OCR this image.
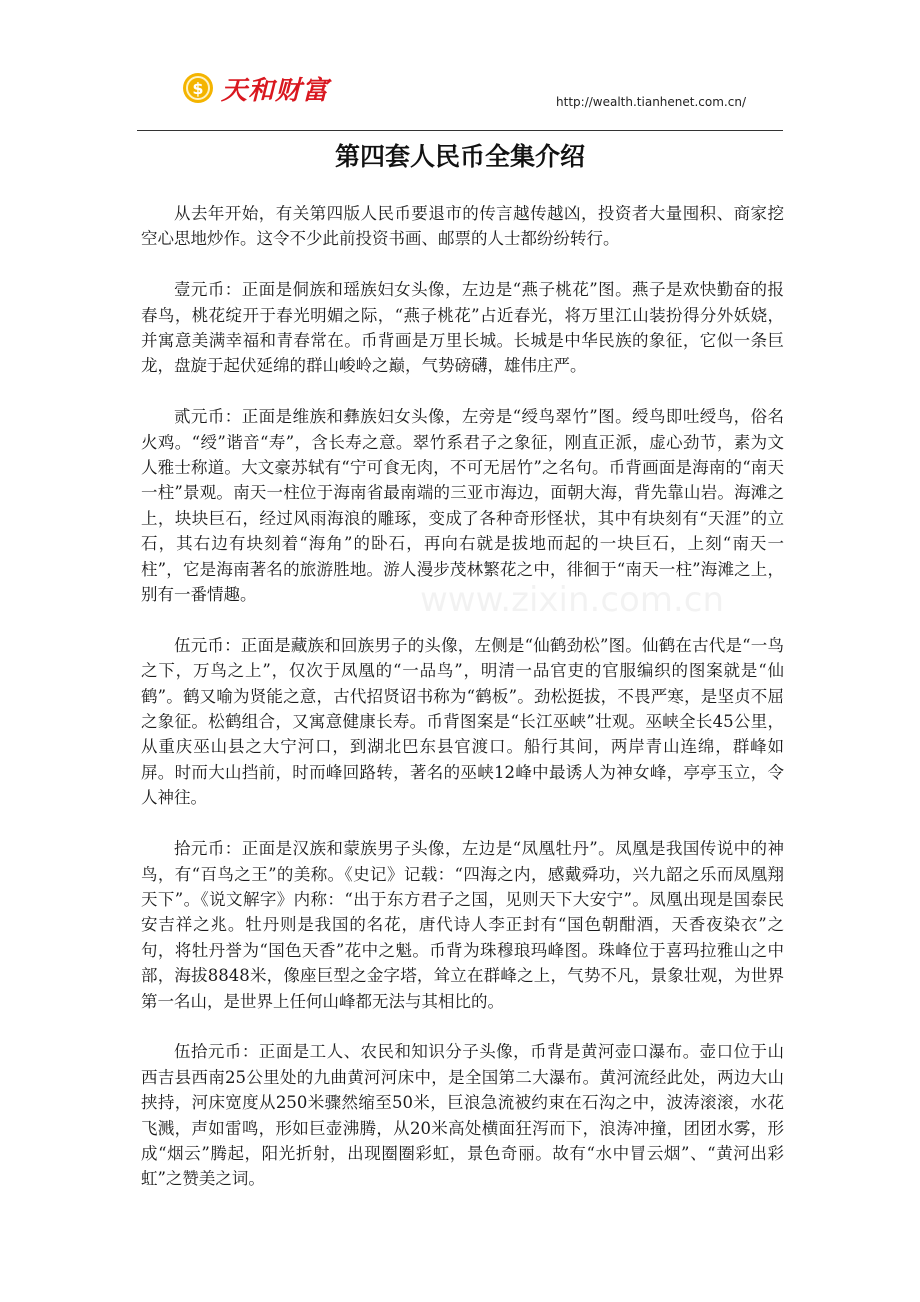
$ 天和财富	http://wealth.tianhenet.com.cn/
第四套人民币全集介绍
www.zixin.com.cn

从去年开始，有关第四版人民币要退市的传言越传越凶，投资者大量囤积、商家挖空心思地炒作。这令不少此前投资书画、邮票的人士都纷纷转行。

壹元币：正面是侗族和瑶族妇女头像，左边是“燕子桃花”图。燕子是欢快勤奋的报春鸟，桃花绽开于春光明媚之际，“燕子桃花”占近春光，将万里江山装扮得分外妖娆，并寓意美满幸福和青春常在。币背画是万里长城。长城是中华民族的象征，它似一条巨龙，盘旋于起伏延绵的群山峻岭之巅，气势磅礴，雄伟庄严。

贰元币：正面是维族和彝族妇女头像，左旁是“绶鸟翠竹”图。绶鸟即吐绶鸟，俗名火鸡。“绶”谐音“寿”，含长寿之意。翠竹系君子之象征，刚直正派，虚心劲节，素为文人雅士称道。大文豪苏轼有“宁可食无肉，不可无居竹”之名句。币背画面是海南的“南天一柱”景观。南天一柱位于海南省最南端的三亚市海边，面朝大海，背先靠山岩。海滩之上，块块巨石，经过风雨海浪的雕琢，变成了各种奇形怪状，其中有块刻有“天涯”的立石，其右边有块刻着“海角”的卧石，再向右就是拔地而起的一块巨石，上刻“南天一柱”，它是海南著名的旅游胜地。游人漫步茂林繁花之中，徘徊于“南天一柱”海滩之上，别有一番情趣。

伍元币：正面是藏族和回族男子的头像，左侧是“仙鹤劲松”图。仙鹤在古代是“一鸟之下，万鸟之上”，仅次于凤凰的“一品鸟”，明清一品官吏的官服编织的图案就是“仙鹤”。鹤又喻为贤能之意，古代招贤诏书称为“鹤板”。劲松挺拔，不畏严寒，是坚贞不屈之象征。松鹤组合，又寓意健康长寿。币背图案是“长江巫峡”壮观。巫峡全长45公里，从重庆巫山县之大宁河口，到湖北巴东县官渡口。船行其间，两岸青山连绵，群峰如屏。时而大山挡前，时而峰回路转，著名的巫峡12峰中最诱人为神女峰，亭亭玉立，令人神往。

拾元币：正面是汉族和蒙族男子头像，左边是“凤凰牡丹”。凤凰是我国传说中的神鸟，有“百鸟之王”的美称。《史记》记载：“四海之内，感戴舜功，兴九韶之乐而凤凰翔天下”。《说文解字》内称：“出于东方君子之国，见则天下大安宁”。凤凰出现是国泰民安吉祥之兆。牡丹则是我国的名花，唐代诗人李正封有“国色朝酣酒，天香夜染衣”之句，将牡丹誉为“国色天香”花中之魁。币背为珠穆琅玛峰图。珠峰位于喜玛拉雅山之中部，海拔8848米，像座巨型之金字塔，耸立在群峰之上，气势不凡，景象壮观，为世界第一名山，是世界上任何山峰都无法与其相比的。

伍拾元币：正面是工人、农民和知识分子头像，币背是黄河壶口瀑布。壶口位于山西吉县西南25公里处的九曲黄河河床中，是全国第二大瀑布。黄河流经此处，两边大山挟持，河床宽度从250米骤然缩至50米，巨浪急流被约束在石沟之中，波涛滚滚，水花飞溅，声如雷鸣，形如巨壶沸腾，从20米高处横面狂泻而下，浪涛冲撞，团团水雾，形成“烟云”腾起，阳光折射，出现圈圈彩虹，景色奇丽。故有“水中冒云烟”、“黄河出彩虹”之赞美之词。
